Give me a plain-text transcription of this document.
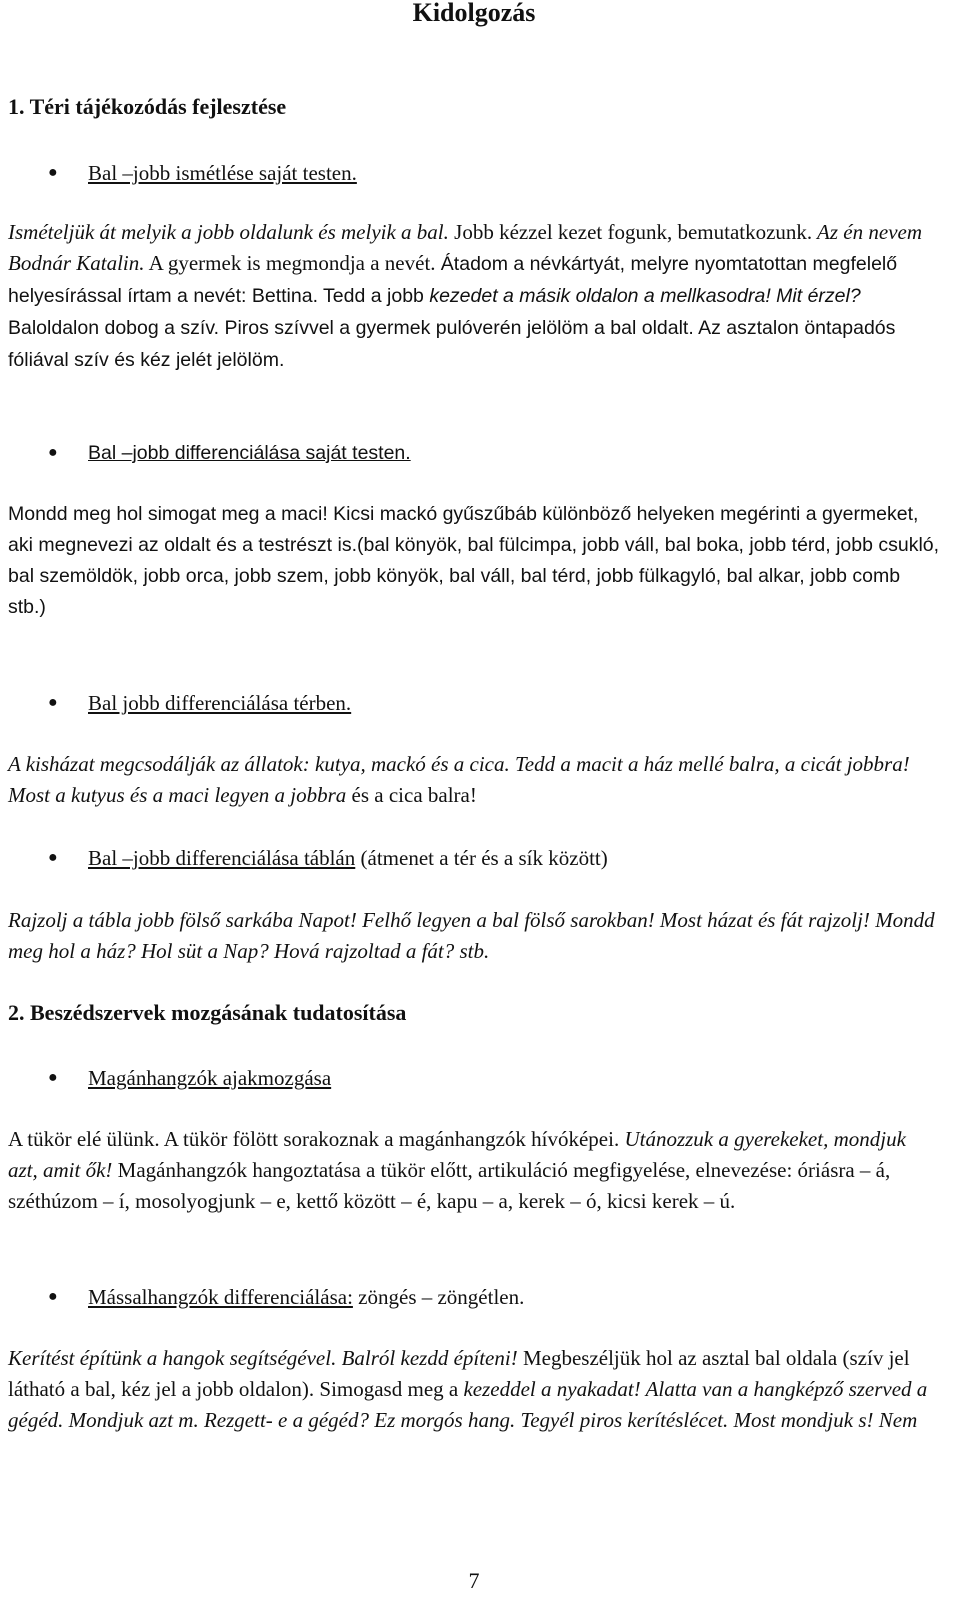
Kidolgozás

1. Téri tájékozódás fejlesztése

● Bal –jobb ismétlése saját testen.

Ismételjük át melyik a jobb oldalunk és melyik a bal. Jobb kézzel kezet fogunk, bemutatkozunk. Az én nevem Bodnár Katalin. A gyermek is megmondja a nevét. Átadom a névkártyát, melyre nyomtatottan megfelelő helyesírással írtam a nevét: Bettina. Tedd a jobb kezedet a másik oldalon a mellkasodra! Mit érzel? Baloldalon dobog a szív. Piros szívvel a gyermek pulóverén jelölöm a bal oldalt. Az asztalon öntapadós fóliával szív és kéz jelét jelölöm.

● Bal –jobb differenciálása saját testen.

Mondd meg hol simogat meg a maci! Kicsi mackó gyűszűbáb különböző helyeken megérinti a gyermeket, aki megnevezi az oldalt és a testrészt is.(bal könyök, bal fülcimpa, jobb váll, bal boka, jobb térd, jobb csukló, bal szemöldök, jobb orca, jobb szem, jobb könyök, bal váll, bal térd, jobb fülkagyló, bal alkar, jobb comb stb.)

● Bal jobb differenciálása térben.

A kisházat megcsodálják az állatok: kutya, mackó és a cica. Tedd a macit a ház mellé balra, a cicát jobbra! Most a kutyus és a maci legyen a jobbra és a cica balra!

● Bal –jobb differenciálása táblán (átmenet a tér és a sík között)

Rajzolj a tábla jobb fölső sarkába Napot! Felhő legyen a bal fölső sarokban! Most házat és fát rajzolj! Mondd meg hol a ház? Hol süt a Nap? Hová rajzoltad a fát? stb.

2. Beszédszervek mozgásának tudatosítása

● Magánhangzók ajakmozgása

A tükör elé ülünk. A tükör fölött sorakoznak a magánhangzók hívóképei. Utánozzuk a gyerekeket, mondjuk azt, amit ők! Magánhangzók hangoztatása a tükör előtt, artikuláció megfigyelése, elnevezése: óriásra – á, széthúzom – í, mosolyogjunk – e, kettő között – é, kapu – a, kerek – ó, kicsi kerek – ú.

● Mássalhangzók differenciálása: zöngés – zöngétlen.

Kerítést építünk a hangok segítségével. Balról kezdd építeni! Megbeszéljük hol az asztal bal oldala (szív jel látható a bal, kéz jel a jobb oldalon). Simogasd meg a kezeddel a nyakadat! Alatta van a hangképző szerved a gégéd. Mondjuk azt m. Rezgett- e a gégéd? Ez morgós hang. Tegyél piros kerítéslécet. Most mondjuk s! Nem

7
